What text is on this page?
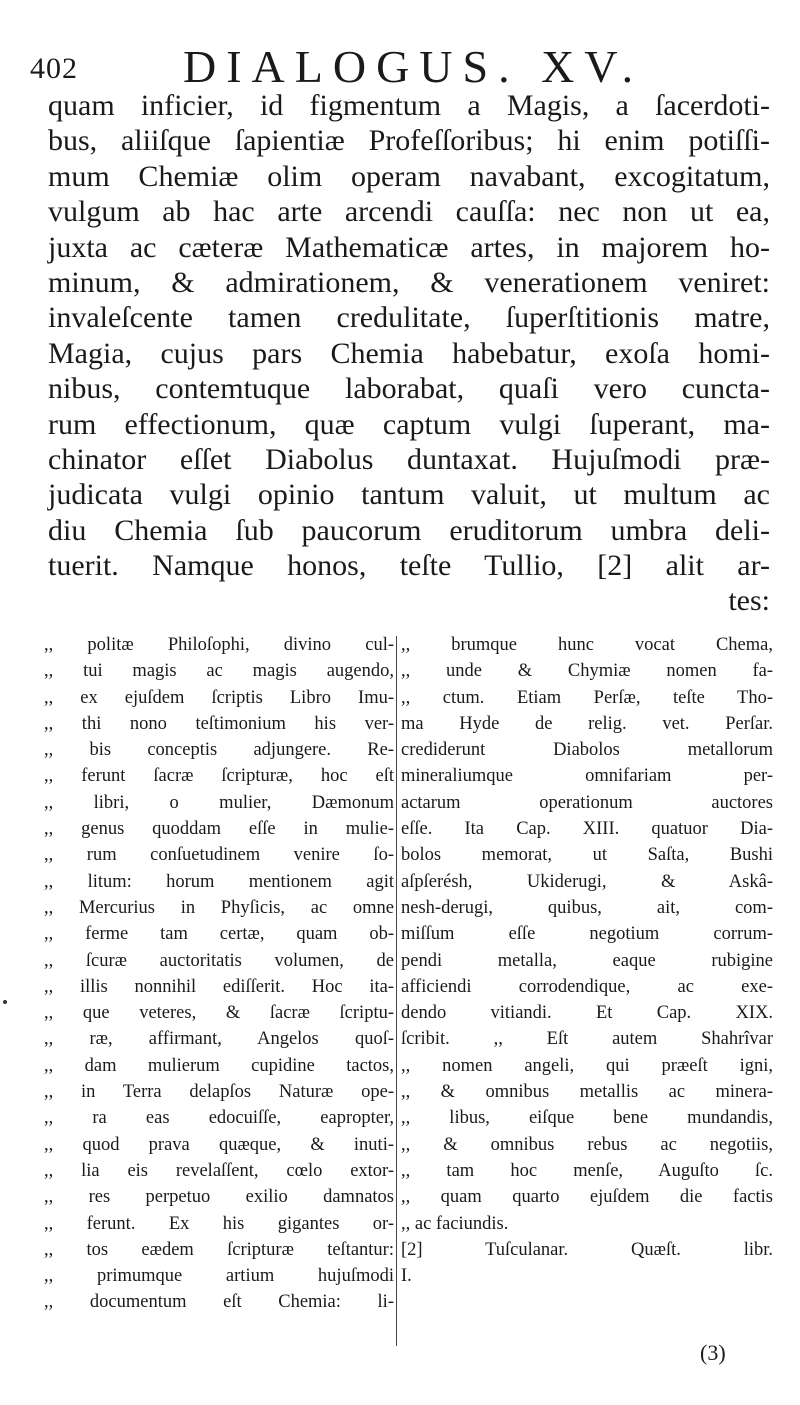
402 DIALOGUS. XV.
quam inficier, id figmentum a Magis, a ſacerdoti-
bus, aliiſque ſapientiæ Profeſſoribus; hi enim potiſſi-
mum Chemiæ olim operam navabant, excogitatum,
vulgum ab hac arte arcendi cauſſa: nec non ut ea,
juxta ac cæteræ Mathematicæ artes, in majorem ho-
minum, & admirationem, & venerationem veniret:
invaleſcente tamen credulitate, ſuperſtitionis matre,
Magia, cujus pars Chemia habebatur, exoſa homi-
nibus, contemtuque laborabat, quaſi vero cuncta-
rum effectionum, quæ captum vulgi ſuperant, ma-
chinator eſſet Diabolus duntaxat. Hujuſmodi præ-
judicata vulgi opinio tantum valuit, ut multum ac
diu Chemia ſub paucorum eruditorum umbra deli-
tuerit. Namque honos, teſte Tullio, [2] alit ar-
tes:
,, politæ Philoſophi, divino cul-
,, tui magis ac magis augendo,
,, ex ejuſdem ſcriptis Libro Imu-
,, thi nono teſtimonium his ver-
,, bis conceptis adjungere. Re-
,, ferunt ſacræ ſcripturæ, hoc eſt
,, libri, o mulier, Dæmonum
,, genus quoddam eſſe in mulie-
,, rum conſuetudinem venire ſo-
,, litum: horum mentionem agit
,, Mercurius in Phyſicis, ac omne
,, ferme tam certæ, quam ob-
,, ſcuræ auctoritatis volumen, de
,, illis nonnihil ediſſerit. Hoc ita-
,, que veteres, & ſacræ ſcriptu-
,, ræ, affirmant, Angelos quoſ-
,, dam mulierum cupidine tactos,
,, in Terra delapſos Naturæ ope-
,, ra eas edocuiſſe, eapropter,
,, quod prava quæque, & inuti-
,, lia eis revelaſſent, cœlo extor-
,, res perpetuo exilio damnatos
,, ferunt. Ex his gigantes or-
,, tos eædem ſcripturæ teſtantur:
,, primumque artium hujuſmodi
,, documentum eſt Chemia: li-
,, brumque hunc vocat Chema,
,, unde & Chymiæ nomen fa-
,, ctum. Etiam Perſæ, teſte Tho-
ma Hyde de relig. vet. Perſar.
crediderunt Diabolos metallorum
mineraliumque omnifariam per-
actarum operationum auctores
eſſe. Ita Cap. XIII. quatuor Dia-
bolos memorat, ut Saſta, Bushi
aſpſerésh, Ukiderugi, & Askâ-
nesh-derugi, quibus, ait, com-
miſſum eſſe negotium corrum-
pendi metalla, eaque rubigine
afficiendi corrodendique, ac exe-
dendo vitiandi. Et Cap. XIX.
ſcribit. ,, Eſt autem Shahrîvar
,, nomen angeli, qui præeſt igni,
,, & omnibus metallis ac minera-
,, libus, eiſque bene mundandis,
,, & omnibus rebus ac negotiis,
,, tam hoc menſe, Auguſto ſc.
,, quam quarto ejuſdem die factis
,, ac faciundis.
[2] Tuſculanar. Quæſt. libr.
I.
(3)
